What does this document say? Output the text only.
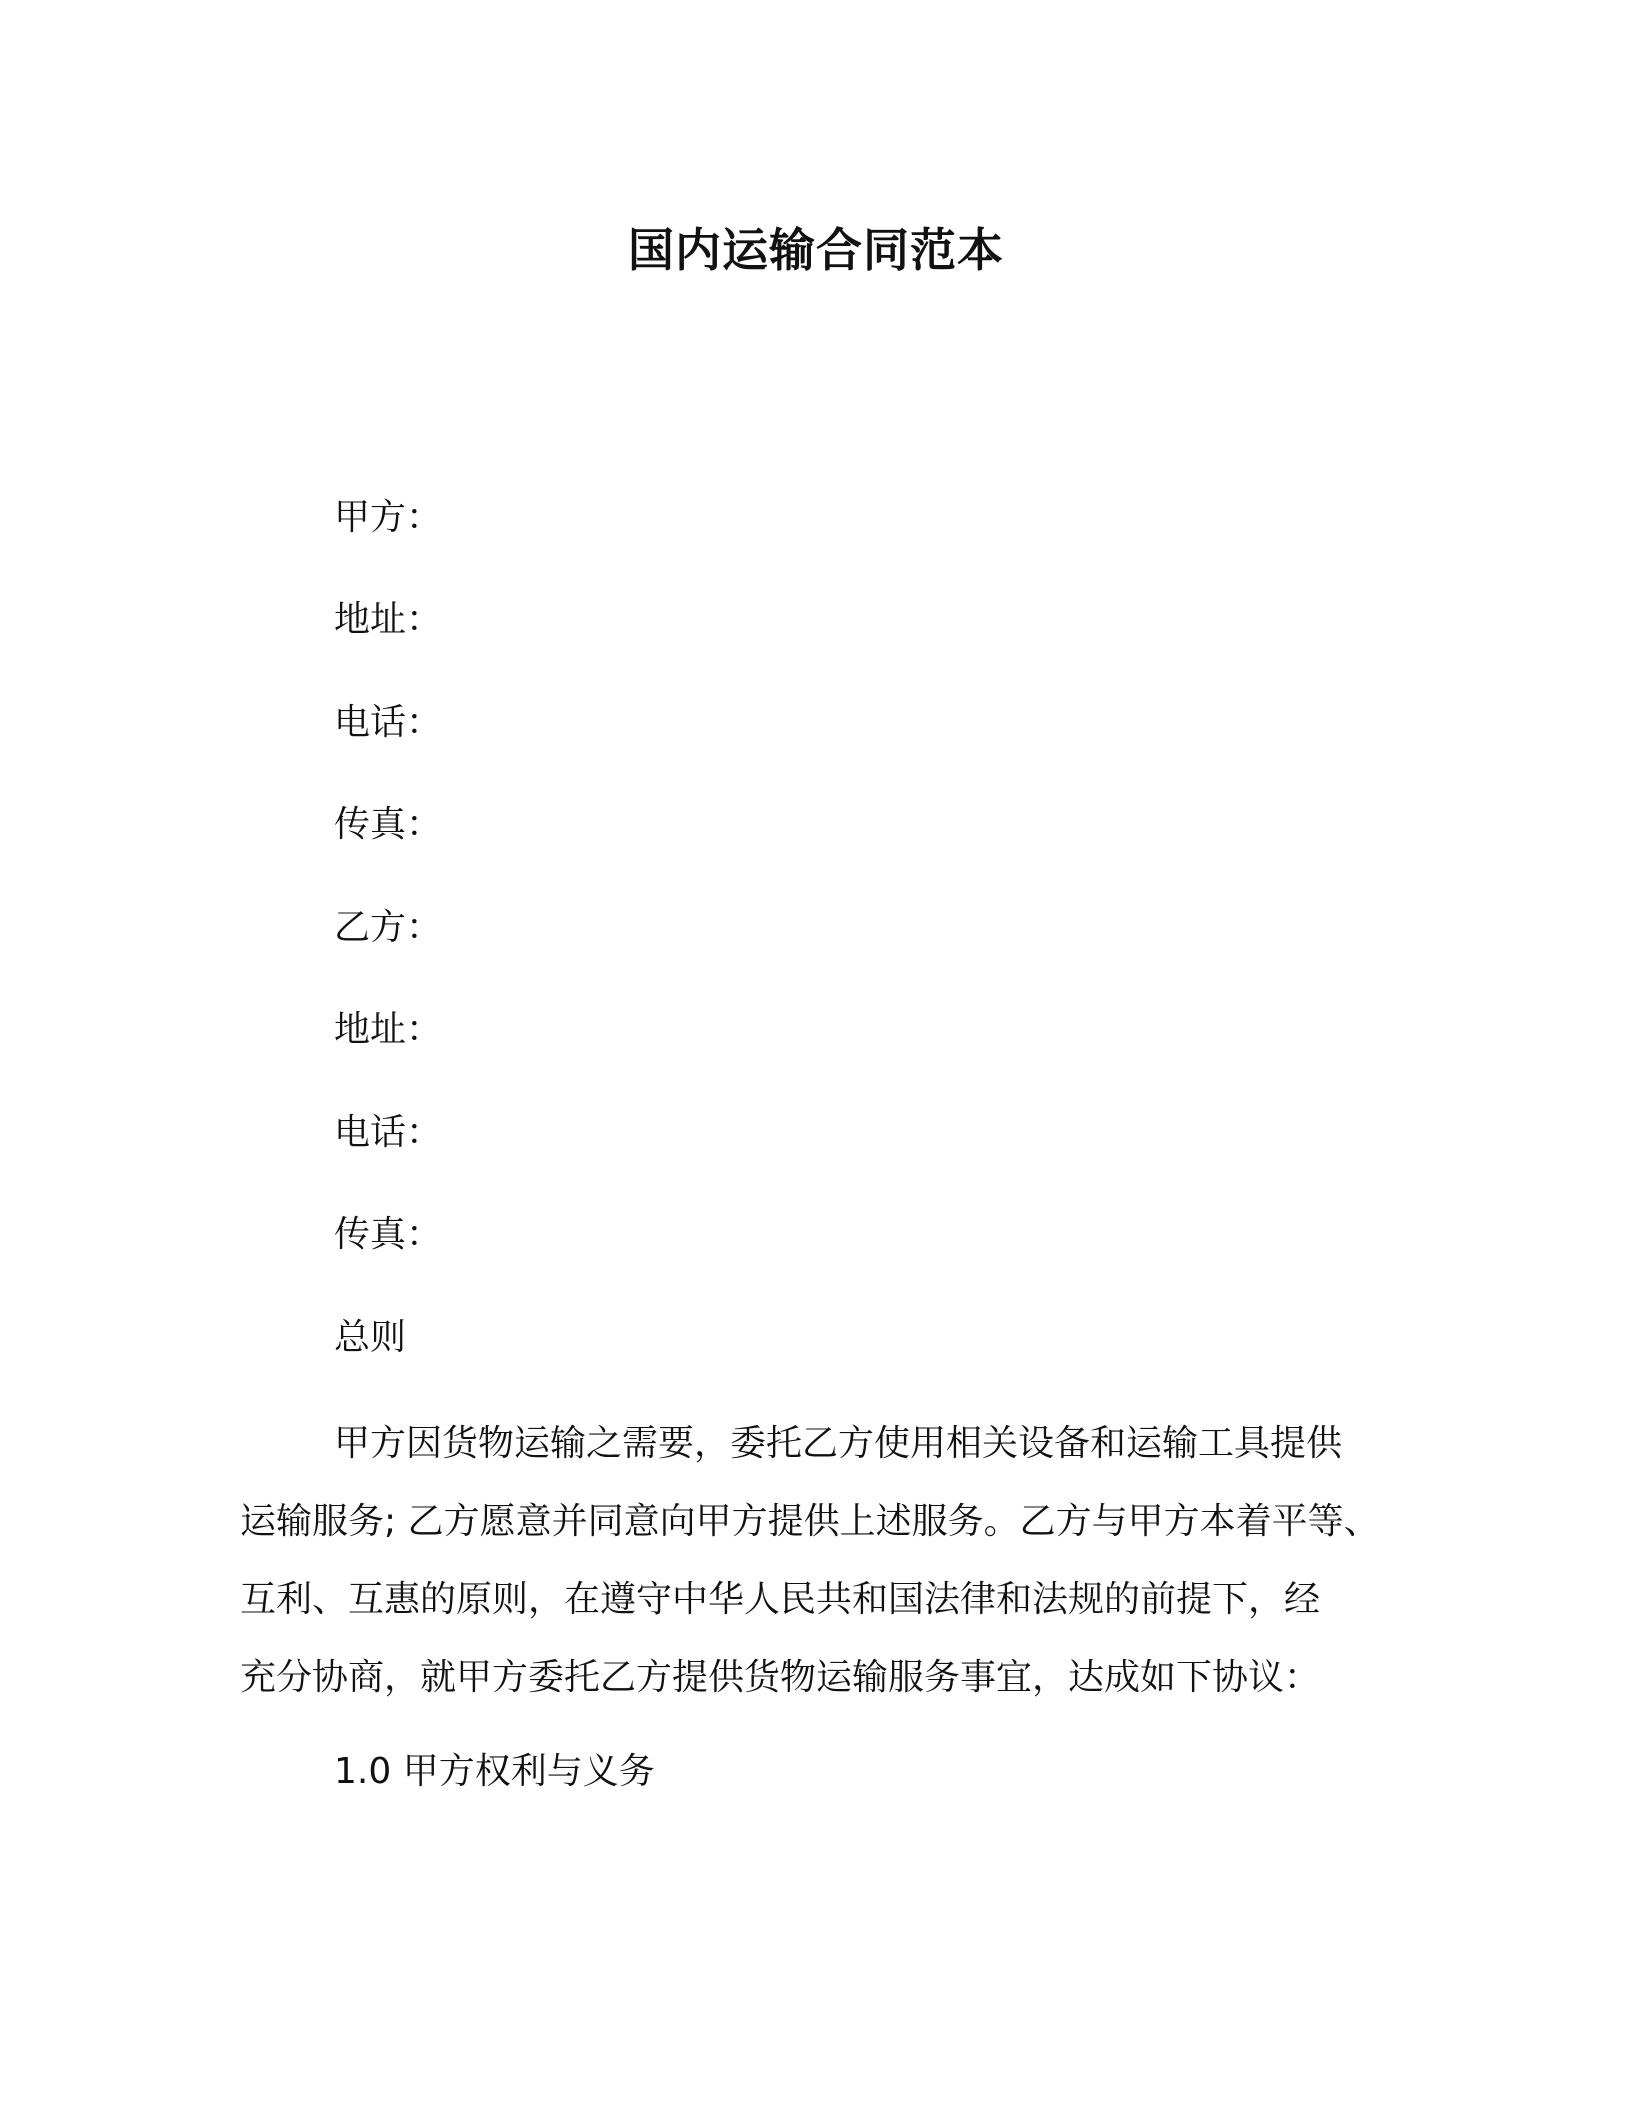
国内运输合同范本
甲方：
地址：
电话：
传真：
乙方：
地址：
电话：
传真：
总则
甲方因货物运输之需要，委托乙方使用相关设备和运输工具提供
运输服务; 乙方愿意并同意向甲方提供上述服务。乙方与甲方本着平等、
互利、互惠的原则，在遵守中华人民共和国法律和法规的前提下，经
充分协商，就甲方委托乙方提供货物运输服务事宜，达成如下协议：
1.0 甲方权利与义务
